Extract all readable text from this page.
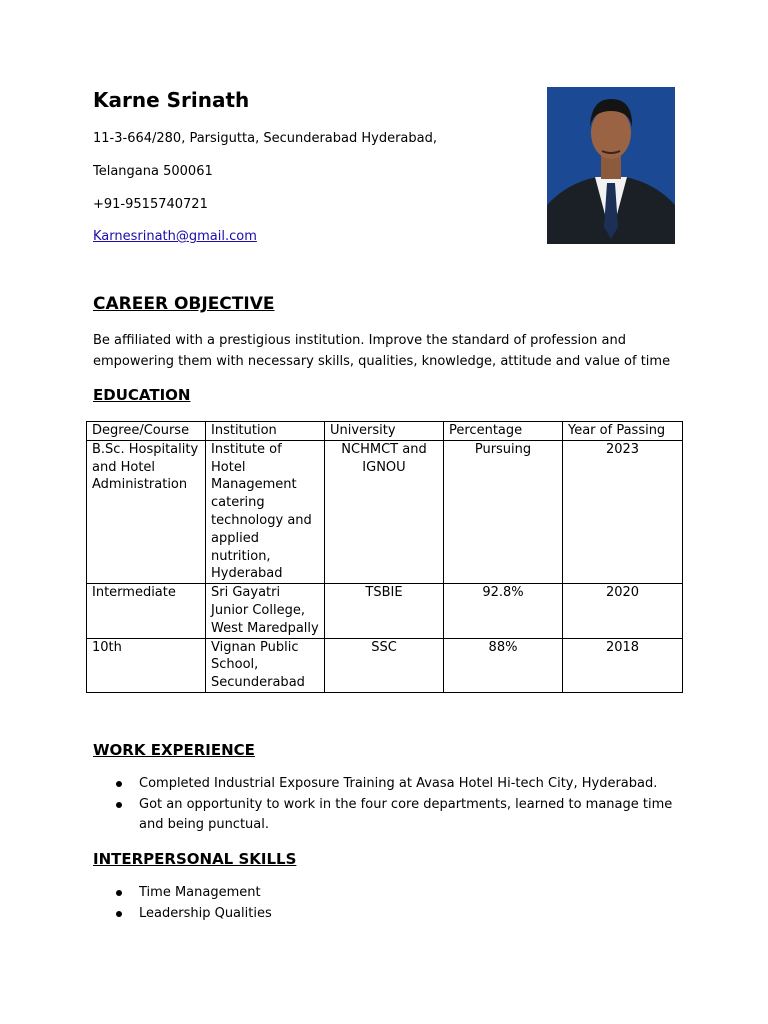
Karne Srinath

11-3-664/280, Parsigutta, Secunderabad Hyderabad,

Telangana 500061

+91-9515740721

Karnesrinath@gmail.com

CAREER OBJECTIVE
Be affiliated with a prestigious institution. Improve the standard of profession and
empowering them with necessary skills, qualities, knowledge, attitude and value of time
EDUCATION
Degree/Course	Institution	University	Percentage	Year of Passing
B.Sc. Hospitality and Hotel Administration	Institute of Hotel Management catering technology and applied nutrition, Hyderabad	NCHMCT and IGNOU	Pursuing	2023
Intermediate	Sri Gayatri Junior College, West Maredpally	TSBIE	92.8%	2020
10th	Vignan Public School, Secunderabad	SSC	88%	2018
WORK EXPERIENCE
Completed Industrial Exposure Training at Avasa Hotel Hi-tech City, Hyderabad.
Got an opportunity to work in the four core departments, learned to manage time and being punctual.
INTERPERSONAL SKILLS
Time Management
Leadership Qualities
